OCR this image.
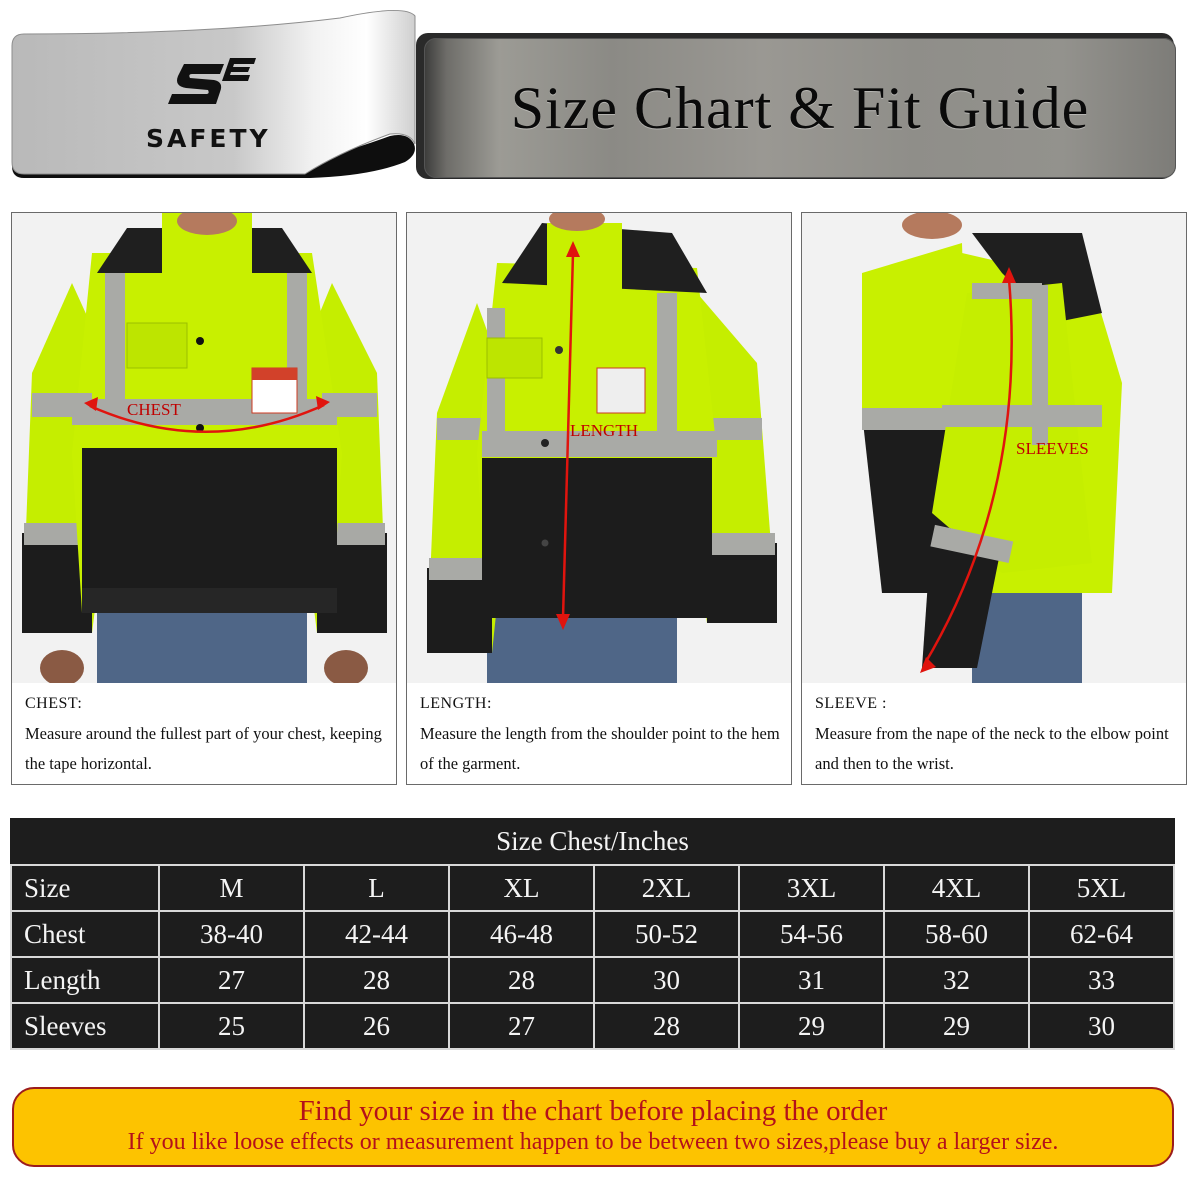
Size Chart & Fit Guide
SAFETY
CHEST
CHEST:
Measure around the fullest part of your chest, keeping the tape horizontal.
LENGTH
LENGTH:
Measure the length from the shoulder point to the hem of the garment.
SLEEVES
SLEEVE :
Measure from the nape of the neck to the elbow point and then to the wrist.
Size Chest/Inches							
Size	M	L	XL	2XL	3XL	4XL	5XL
Chest	38-40	42-44	46-48	50-52	54-56	58-60	62-64
Length	27	28	28	30	31	32	33
Sleeves	25	26	27	28	29	29	30
Find your size in the chart before placing the order
If you like loose effects or measurement happen to be between two sizes,please buy a larger size.
